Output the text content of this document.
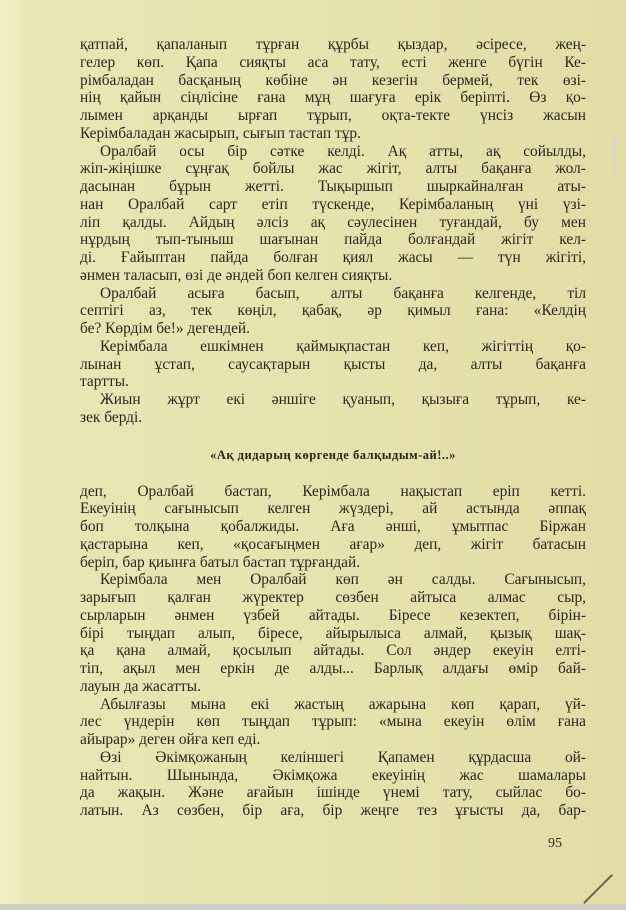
қатпай, қапаланып тұрған құрбы қыздар, әсіресе, жең-
гелер көп. Қапа сияқты аса тату, естi женге бүгін Ке-
рімбаладан басқаның көбіне ән кезегін бермей, тек өзі-
нің қайын сіңлісіне ғана мұң шағуға ерік беріпті. Өз қо-
лымен арқанды ырғап тұрып, оқта-текте үнсіз жасын
Керімбаладан жасырып, сығып тастап тұр.
Оралбай осы бір сәтке келді. Ақ атты, ақ сойылды,
жіп-жіңішке сұңғақ бойлы жас жігіт, алты бақанға жол-
дасынан бұрын жетті. Тықыршып шыркайналған аты-
нан Оралбай сарт етіп түскенде, Керімбаланың үні үзі-
ліп қалды. Айдың әлсіз ақ сәулесінен туғандай, бу мен
нұрдың тып-тыныш шағынан пайда болғандай жігіт кел-
ді. Ғайыптан пайда болған қиял жасы — түн жігіті,
әнмен таласып, өзі де әндей боп келген сияқты.
Оралбай асыға басып, алты бақанға келгенде, тіл
септігі аз, тек көңіл, қабақ, әр қимыл ғана: «Келдің
бе? Көрдім бе!» дегендей.
Керімбала ешкімнен қаймықпастан кеп, жігіттің қо-
лынан ұстап, саусақтарын қысты да, алты бақанға
тартты.
Жиын жұрт екі әншіге қуанып, қызыға тұрып, ке-
зек берді.
«Ақ дидарың көргенде балқыдым-ай!..»
деп, Оралбай бастап, Керімбала нақыстап еріп кетті.
Екеуінің сағынысып келген жүздері, ай астында әппақ
боп толқына қобалжиды. Аға әнші, ұмытпас Біржан
қастарына кеп, «қосағыңмен ағар» деп, жігіт батасын
беріп, бар қиынға батыл бастап тұрғандай.
Керімбала мен Оралбай көп ән салды. Сағынысып,
зарығып қалған жүректер сөзбен айтыса алмас сыр,
сырларын әнмен үзбей айтады. Біресе кезектеп, бірін-
бірі тыңдап алып, біресе, айырылыса алмай, қызық шақ-
қа қана алмай, қосылып айтады. Сол әндер екеуін елті-
тіп, ақыл мен еркін де алды... Барлық алдағы өмір бай-
лауын да жасатты.
Абылғазы мына екі жастың ажарына көп қарап, үй-
лес үндерін көп тыңдап тұрып: «мына екеуін өлім ғана
айырар» деген ойға кеп еді.
Өзі Әкімқожаның келіншегі Қапамен құрдасша ой-
найтын. Шынында, Әкімқожа екеуінің жас шамалары
да жақын. Және ағайын ішінде үнемі тату, сыйлас бо-
латын. Аз сөзбен, бір аға, бір жеңге тез ұғысты да, бар-
95
